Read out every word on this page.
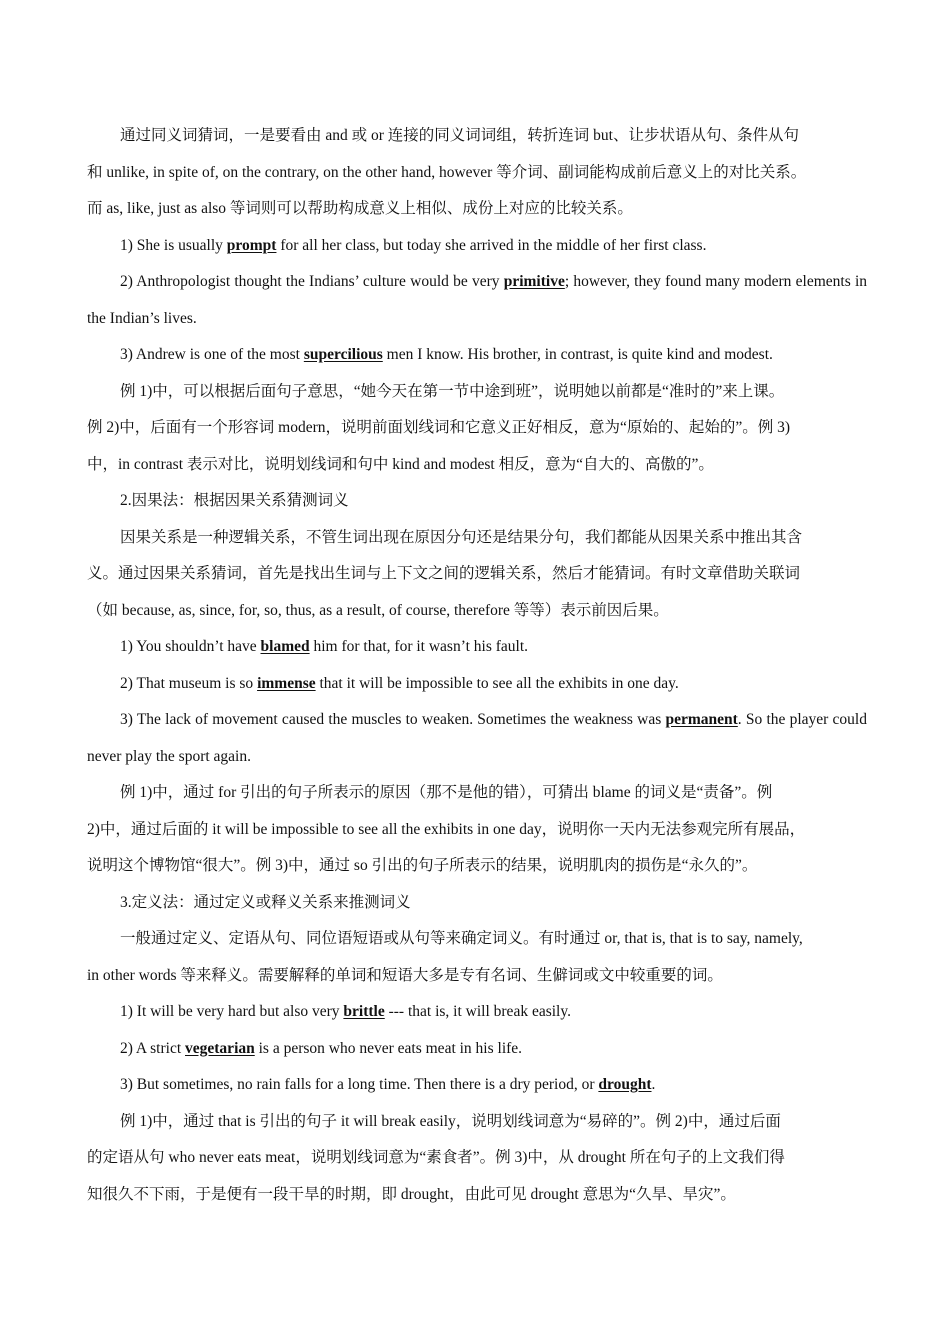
通过同义词猜词，一是要看由 and 或 or 连接的同义词词组，转折连词 but、让步状语从句、条件从句
和 unlike, in spite of, on the contrary, on the other hand, however 等介词、副词能构成前后意义上的对比关系。
而 as, like, just as also 等词则可以帮助构成意义上相似、成份上对应的比较关系。

1) She is usually prompt for all her class, but today she arrived in the middle of her first class.

2) Anthropologist thought the Indians’ culture would be very primitive; however, they found many modern elements in the Indian’s lives.

3) Andrew is one of the most supercilious men I know. His brother, in contrast, is quite kind and modest.

例 1)中，可以根据后面句子意思，“她今天在第一节中途到班”，说明她以前都是“准时的”来上课。
例 2)中，后面有一个形容词 modern，说明前面划线词和它意义正好相反，意为“原始的、起始的”。例 3)
中，in contrast 表示对比，说明划线词和句中 kind and modest 相反，意为“自大的、高傲的”。

2.因果法：根据因果关系猜测词义

因果关系是一种逻辑关系，不管生词出现在原因分句还是结果分句，我们都能从因果关系中推出其含
义。通过因果关系猜词，首先是找出生词与上下文之间的逻辑关系，然后才能猜词。有时文章借助关联词
（如 because, as, since, for, so, thus, as a result, of course, therefore 等等）表示前因后果。

1) You shouldn’t have blamed him for that, for it wasn’t his fault.

2) That museum is so immense that it will be impossible to see all the exhibits in one day.

3) The lack of movement caused the muscles to weaken. Sometimes the weakness was permanent. So the player could never play the sport again.

例 1)中，通过 for 引出的句子所表示的原因（那不是他的错），可猜出 blame 的词义是“责备”。例
2)中，通过后面的 it will be impossible to see all the exhibits in one day，说明你一天内无法参观完所有展品，
说明这个博物馆“很大”。例 3)中，通过 so 引出的句子所表示的结果，说明肌肉的损伤是“永久的”。

3.定义法：通过定义或释义关系来推测词义

一般通过定义、定语从句、同位语短语或从句等来确定词义。有时通过 or, that is, that is to say, namely,
in other words 等来释义。需要解释的单词和短语大多是专有名词、生僻词或文中较重要的词。

1) It will be very hard but also very brittle --- that is, it will break easily.

2) A strict vegetarian is a person who never eats meat in his life.

3) But sometimes, no rain falls for a long time. Then there is a dry period, or drought.

例 1)中，通过 that is 引出的句子 it will break easily，说明划线词意为“易碎的”。例 2)中，通过后面
的定语从句 who never eats meat，说明划线词意为“素食者”。例 3)中，从 drought 所在句子的上文我们得
知很久不下雨，于是便有一段干旱的时期，即 drought，由此可见 drought 意思为“久旱、旱灾”。
